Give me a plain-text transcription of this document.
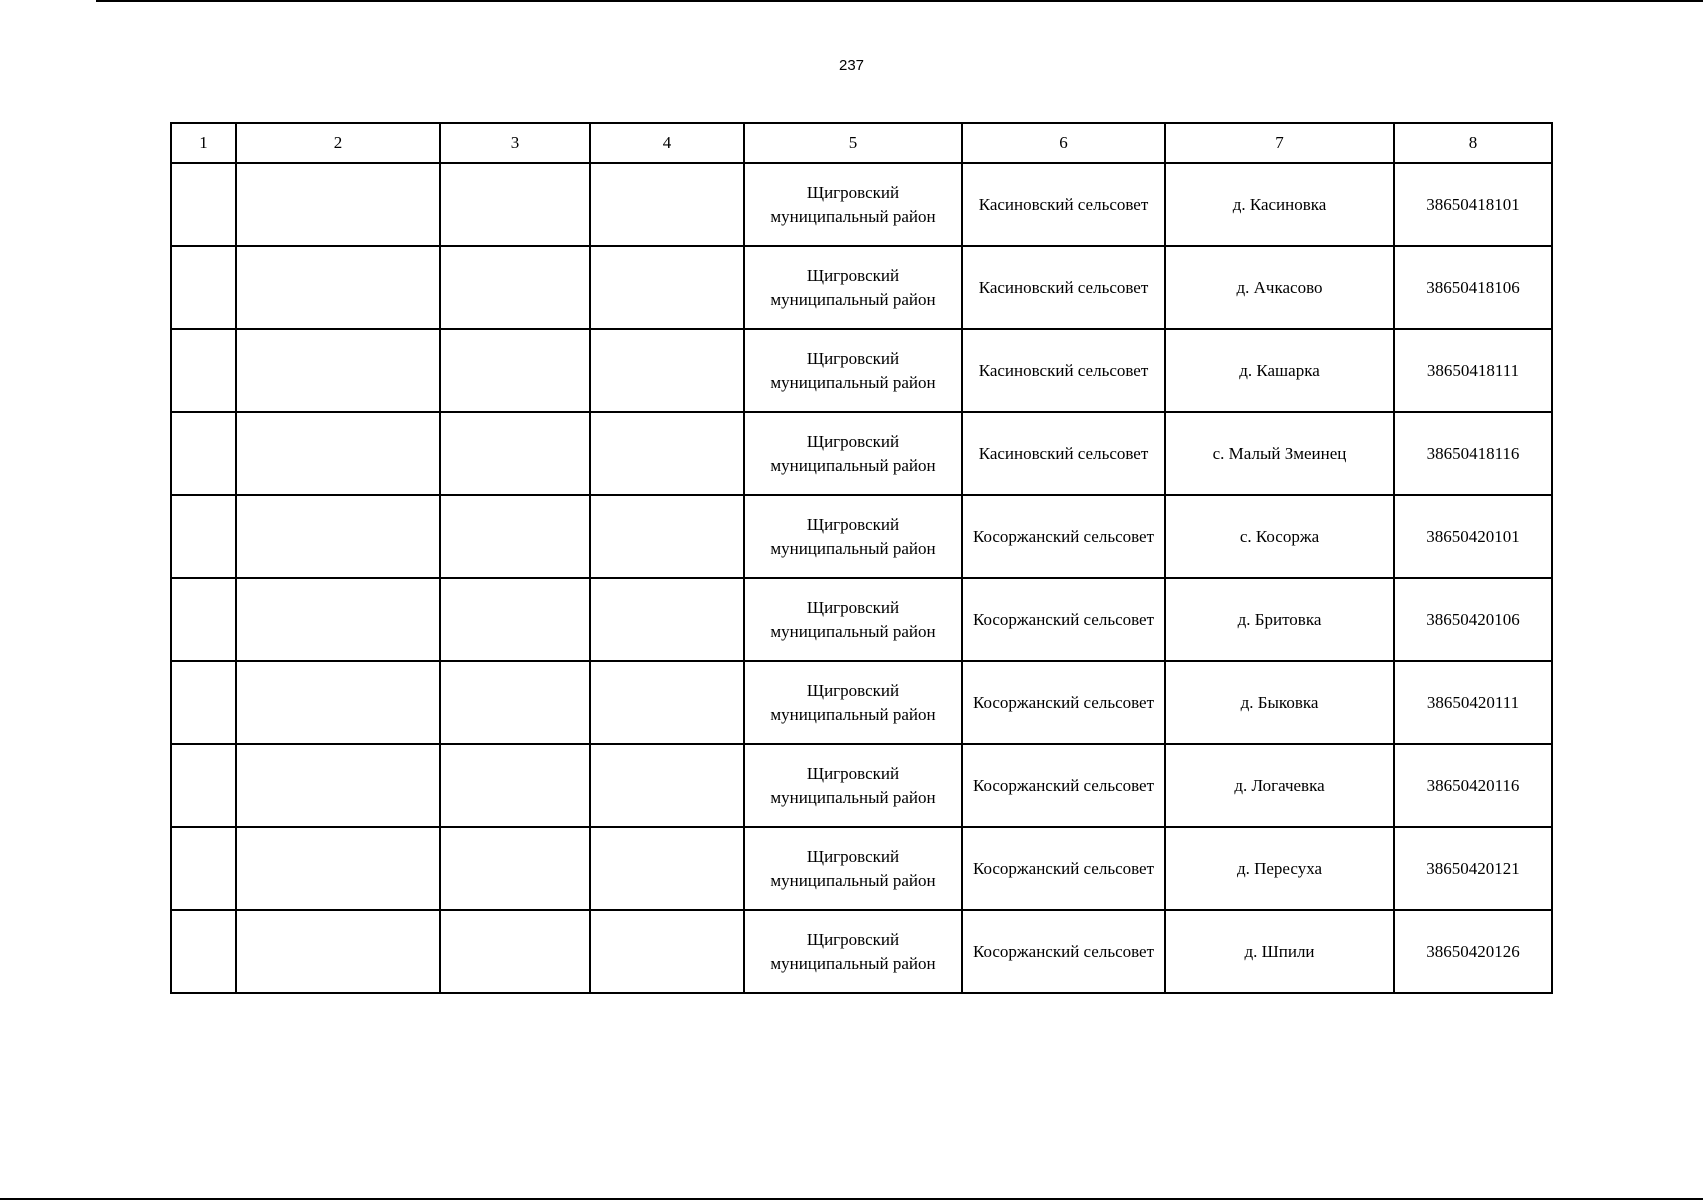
237
1	2	3	4	5	6	7	8
				Щигровский муниципальный район	Касиновский сельсовет	д. Касиновка	38650418101
				Щигровский муниципальный район	Касиновский сельсовет	д. Ачкасово	38650418106
				Щигровский муниципальный район	Касиновский сельсовет	д. Кашарка	38650418111
				Щигровский муниципальный район	Касиновский сельсовет	с. Малый Змеинец	38650418116
				Щигровский муниципальный район	Косоржанский сельсовет	с. Косоржа	38650420101
				Щигровский муниципальный район	Косоржанский сельсовет	д. Бритовка	38650420106
				Щигровский муниципальный район	Косоржанский сельсовет	д. Быковка	38650420111
				Щигровский муниципальный район	Косоржанский сельсовет	д. Логачевка	38650420116
				Щигровский муниципальный район	Косоржанский сельсовет	д. Пересуха	38650420121
				Щигровский муниципальный район	Косоржанский сельсовет	д. Шпили	38650420126
